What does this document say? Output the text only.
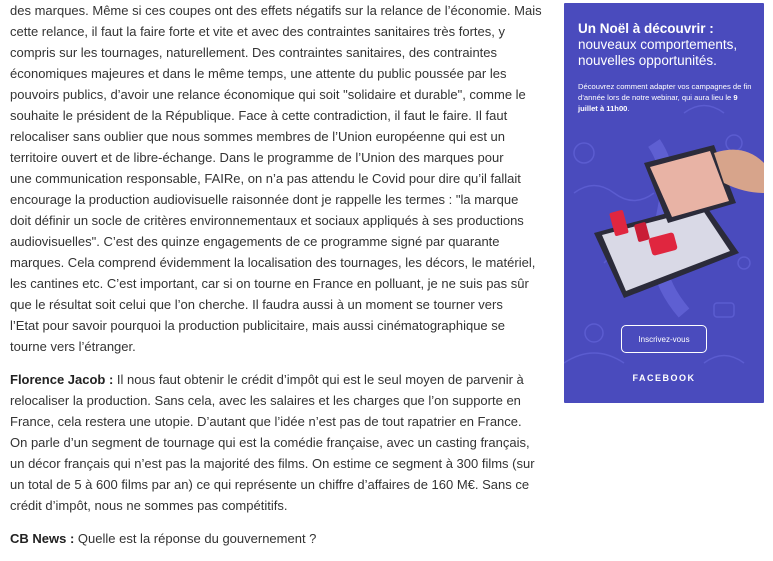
des marques. Même si ces coupes ont des effets négatifs sur la relance de l’économie. Mais
cette relance, il faut la faire forte et vite et avec des contraintes sanitaires très fortes, y
compris sur les tournages, naturellement. Des contraintes sanitaires, des contraintes
économiques majeures et dans le même temps, une attente du public poussée par les
pouvoirs publics, d’avoir une relance économique qui soit "solidaire et durable", comme le
souhaite le président de la République. Face à cette contradiction, il faut le faire. Il faut
relocaliser sans oublier que nous sommes membres de l’Union européenne qui est un
territoire ouvert et de libre-échange. Dans le programme de l’Union des marques pour
une communication responsable, FAIRe, on n’a pas attendu le Covid pour dire qu’il fallait
encourage la production audiovisuelle raisonnée dont je rappelle les termes : "la marque
doit définir un socle de critères environnementaux et sociaux appliqués à ses productions
audiovisuelles". C’est des quinze engagements de ce programme signé par quarante
marques. Cela comprend évidemment la localisation des tournages, les décors, le matériel,
les cantines etc. C’est important, car si on tourne en France en polluant, je ne suis pas sûr
que le résultat soit celui que l’on cherche. Il faudra aussi à un moment se tourner vers
l’Etat pour savoir pourquoi la production publicitaire, mais aussi cinématographique se
tourne vers l’étranger.

Florence Jacob : Il nous faut obtenir le crédit d’impôt qui est le seul moyen de parvenir à
relocaliser la production. Sans cela, avec les salaires et les charges que l’on supporte en
France, cela restera une utopie. D’autant que l’idée n’est pas de tout rapatrier en France.
On parle d’un segment de tournage qui est la comédie française, avec un casting français,
un décor français qui n’est pas la majorité des films. On estime ce segment à 300 films (sur
un total de 5 à 600 films par an) ce qui représente un chiffre d’affaires de 160 M€. Sans ce
crédit d’impôt, nous ne sommes pas compétitifs.

CB News : Quelle est la réponse du gouvernement ?

Un Noël à découvrir :
nouveaux comportements,
nouvelles opportunités.
Découvrez comment adapter vos campagnes de fin d’année lors de notre webinar, qui aura lieu le 9 juillet à 11h00.
Inscrivez-vous
FACEBOOK
